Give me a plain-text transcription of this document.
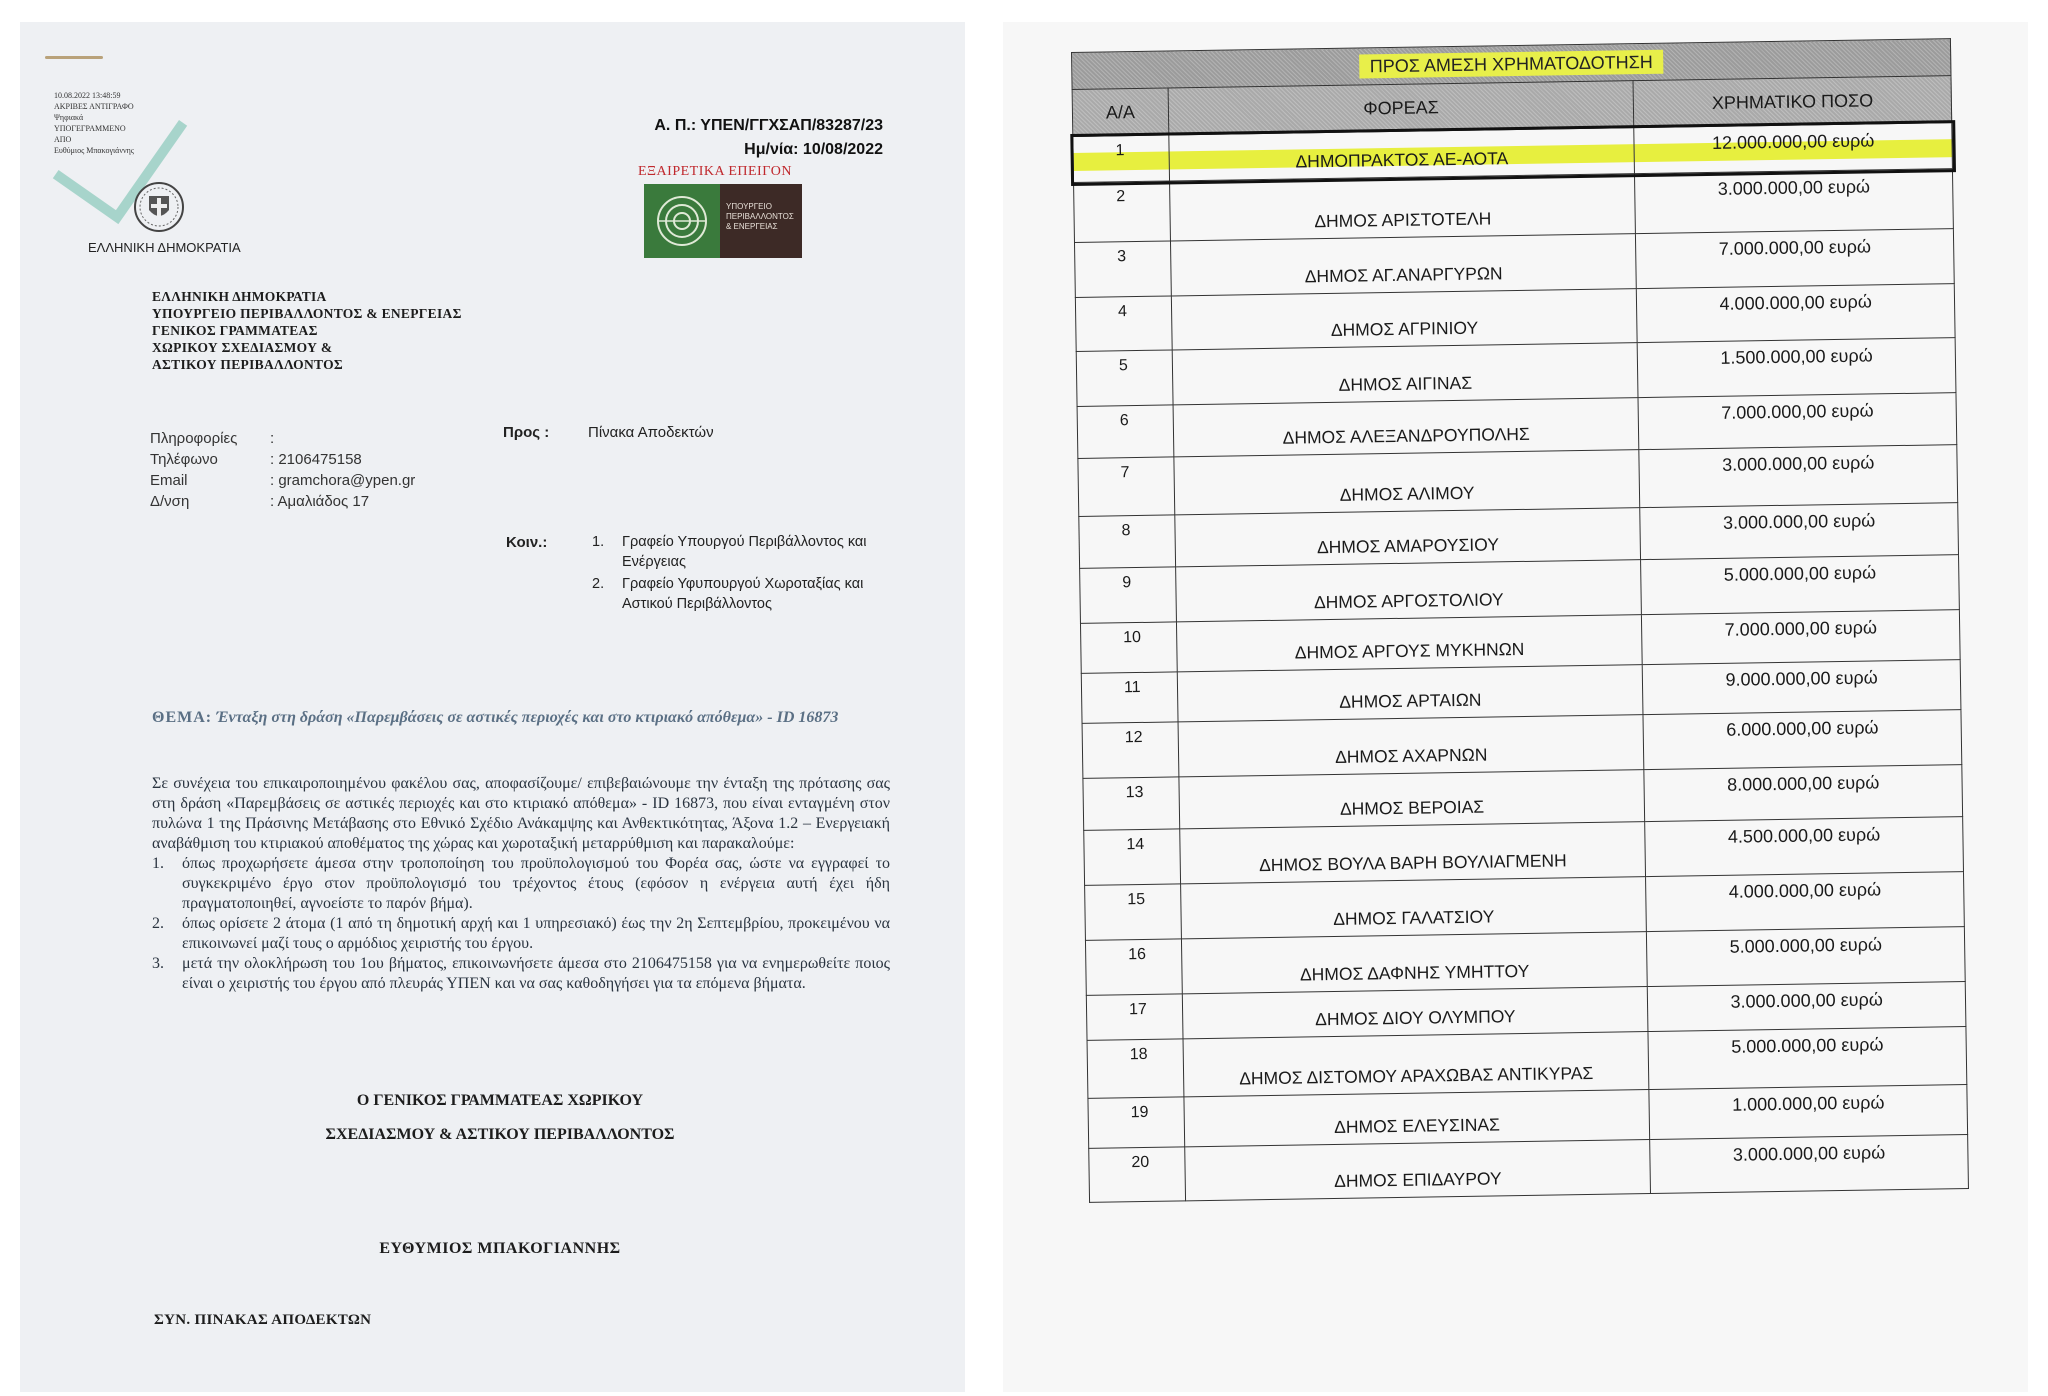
10.08.2022 13:48:59
ΑΚΡΙΒΕΣ ΑΝΤΙΓΡΑΦΟ
Ψηφιακά
ΥΠΟΓΕΓΡΑΜΜΕΝΟ
ΑΠΟ
Ευθύμιος Μπακογιάννης
ΕΛΛΗΝΙΚΗ ΔΗΜΟΚΡΑΤΙΑ
Α. Π.: ΥΠΕΝ/ΓΓΧΣΑΠ/83287/23
Ημ/νία: 10/08/2022
ΕΞΑΙΡΕΤΙΚΑ ΕΠΕΙΓΟΝ
ΥΠΟΥΡΓΕΙΟ ΠΕΡΙΒΑΛΛΟΝΤΟΣ & ΕΝΕΡΓΕΙΑΣ
ΕΛΛΗΝΙΚΗ ΔΗΜΟΚΡΑΤΙΑ
ΥΠΟΥΡΓΕΙΟ ΠΕΡΙΒΑΛΛΟΝΤΟΣ & ΕΝΕΡΓΕΙΑΣ
ΓΕΝΙΚΟΣ ΓΡΑΜΜΑΤΕΑΣ
ΧΩΡΙΚΟΥ ΣΧΕΔΙΑΣΜΟΥ &
ΑΣΤΙΚΟΥ ΠΕΡΙΒΑΛΛΟΝΤΟΣ
Πληροφορίες	:
Τηλέφωνο	: 2106475158
Email	: gramchora@ypen.gr
Δ/νση	: Αμαλιάδος 17
Προς :	Πίνακα Αποδεκτών
Κοιν.:	1.	Γραφείο Υπουργού Περιβάλλοντος και Ενέργειας
2.	Γραφείο Υφυπουργού Χωροταξίας και Αστικού Περιβάλλοντος
ΘΕΜΑ: Ένταξη στη δράση «Παρεμβάσεις σε αστικές περιοχές και στο κτιριακό απόθεμα» - ID 16873

Σε συνέχεια του επικαιροποιημένου φακέλου σας, αποφασίζουμε/ επιβεβαιώνουμε την ένταξη της πρότασης σας στη δράση «Παρεμβάσεις σε αστικές περιοχές και στο κτιριακό απόθεμα» - ID 16873, που είναι ενταγμένη στον πυλώνα 1 της Πράσινης Μετάβασης στο Εθνικό Σχέδιο Ανάκαμψης και Ανθεκτικότητας, Άξονα 1.2 – Ενεργειακή αναβάθμιση του κτιριακού αποθέματος της χώρας και χωροταξική μεταρρύθμιση και παρακαλούμε:

1.	όπως προχωρήσετε άμεσα στην τροποποίηση του προϋπολογισμού του Φορέα σας, ώστε να εγγραφεί το συγκεκριμένο έργο στον προϋπολογισμό του τρέχοντος έτους (εφόσον η ενέργεια αυτή έχει ήδη πραγματοποιηθεί, αγνοείστε το παρόν βήμα).
2.	όπως ορίσετε 2 άτομα (1 από τη δημοτική αρχή και 1 υπηρεσιακό) έως την 2η Σεπτεμβρίου, προκειμένου να επικοινωνεί μαζί τους ο αρμόδιος χειριστής του έργου.
3.	μετά την ολοκλήρωση του 1ου βήματος, επικοινωνήσετε άμεσα στο 2106475158 για να ενημερωθείτε ποιος είναι ο χειριστής του έργου από πλευράς ΥΠΕΝ και να σας καθοδηγήσει για τα επόμενα βήματα.
Ο ΓΕΝΙΚΟΣ ΓΡΑΜΜΑΤΕΑΣ ΧΩΡΙΚΟΥ
ΣΧΕΔΙΑΣΜΟΥ & ΑΣΤΙΚΟΥ ΠΕΡΙΒΑΛΛΟΝΤΟΣ
ΕΥΘΥΜΙΟΣ ΜΠΑΚΟΓΙΑΝΝΗΣ
ΣΥΝ. ΠΙΝΑΚΑΣ ΑΠΟΔΕΚΤΩΝ
ΠΡΟΣ ΑΜΕΣΗ ΧΡΗΜΑΤΟΔΟΤΗΣΗ		
Α/Α	ΦΟΡΕΑΣ	ΧΡΗΜΑΤΙΚΟ ΠΟΣΟ
1	ΔΗΜΟΠΡΑΚΤΟΣ ΑΕ-ΑΟΤΑ	12.000.000,00 ευρώ
2	ΔΗΜΟΣ ΑΡΙΣΤΟΤΕΛΗ	3.000.000,00 ευρώ
3	ΔΗΜΟΣ ΑΓ.ΑΝΑΡΓΥΡΩΝ	7.000.000,00 ευρώ
4	ΔΗΜΟΣ ΑΓΡΙΝΙΟΥ	4.000.000,00 ευρώ
5	ΔΗΜΟΣ ΑΙΓΙΝΑΣ	1.500.000,00 ευρώ
6	ΔΗΜΟΣ ΑΛΕΞΑΝΔΡΟΥΠΟΛΗΣ	7.000.000,00 ευρώ
7	ΔΗΜΟΣ ΑΛΙΜΟΥ	3.000.000,00 ευρώ
8	ΔΗΜΟΣ ΑΜΑΡΟΥΣΙΟΥ	3.000.000,00 ευρώ
9	ΔΗΜΟΣ ΑΡΓΟΣΤΟΛΙΟΥ	5.000.000,00 ευρώ
10	ΔΗΜΟΣ ΑΡΓΟΥΣ ΜΥΚΗΝΩΝ	7.000.000,00 ευρώ
11	ΔΗΜΟΣ ΑΡΤΑΙΩΝ	9.000.000,00 ευρώ
12	ΔΗΜΟΣ ΑΧΑΡΝΩΝ	6.000.000,00 ευρώ
13	ΔΗΜΟΣ ΒΕΡΟΙΑΣ	8.000.000,00 ευρώ
14	ΔΗΜΟΣ ΒΟΥΛΑ ΒΑΡΗ ΒΟΥΛΙΑΓΜΕΝΗ	4.500.000,00 ευρώ
15	ΔΗΜΟΣ ΓΑΛΑΤΣΙΟΥ	4.000.000,00 ευρώ
16	ΔΗΜΟΣ ΔΑΦΝΗΣ ΥΜΗΤΤΟΥ	5.000.000,00 ευρώ
17	ΔΗΜΟΣ ΔΙΟΥ ΟΛΥΜΠΟΥ	3.000.000,00 ευρώ
18	ΔΗΜΟΣ ΔΙΣΤΟΜΟΥ ΑΡΑΧΩΒΑΣ ΑΝΤΙΚΥΡΑΣ	5.000.000,00 ευρώ
19	ΔΗΜΟΣ ΕΛΕΥΣΙΝΑΣ	1.000.000,00 ευρώ
20	ΔΗΜΟΣ ΕΠΙΔΑΥΡΟΥ	3.000.000,00 ευρώ
